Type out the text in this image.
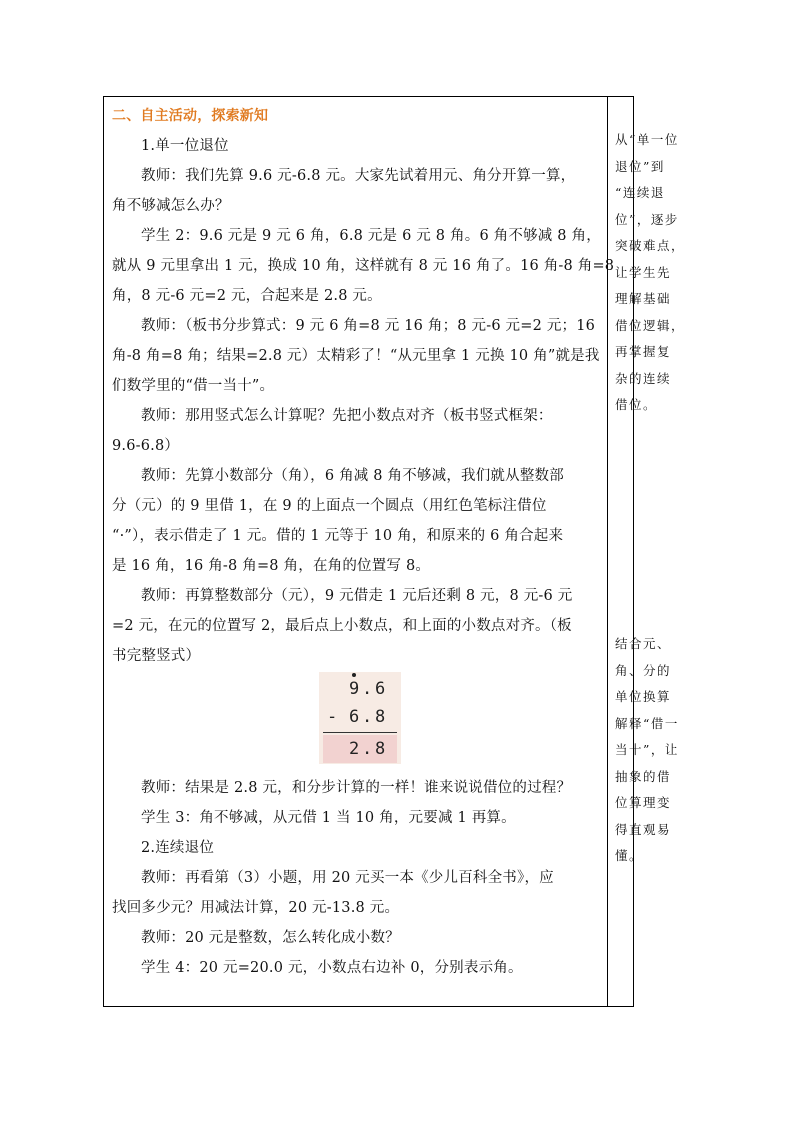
二、自主活动，探索新知
1.单一位退位
教师：我们先算 9.6 元-6.8 元。大家先试着用元、角分开算一算，
角不够减怎么办？
学生 2：9.6 元是 9 元 6 角，6.8 元是 6 元 8 角。6 角不够减 8 角，
就从 9 元里拿出 1 元，换成 10 角，这样就有 8 元 16 角了。16 角-8 角=8
角，8 元-6 元=2 元，合起来是 2.8 元。
教师：（板书分步算式：9 元 6 角=8 元 16 角；8 元-6 元=2 元；16
角-8 角=8 角；结果=2.8 元）太精彩了！“从元里拿 1 元换 10 角”就是我
们数学里的“借一当十”。
教师：那用竖式怎么计算呢？先把小数点对齐（板书竖式框架：
9.6-6.8）
教师：先算小数部分（角），6 角减 8 角不够减，我们就从整数部
分（元）的 9 里借 1，在 9 的上面点一个圆点（用红色笔标注借位
“·”），表示借走了 1 元。借的 1 元等于 10 角，和原来的 6 角合起来
是 16 角，16 角-8 角=8 角，在角的位置写 8。
教师：再算整数部分（元），9 元借走 1 元后还剩 8 元，8 元-6 元
=2 元，在元的位置写 2，最后点上小数点，和上面的小数点对齐。（板
书完整竖式）
9 . 6
- 6 . 8
2 . 8
教师：结果是 2.8 元，和分步计算的一样！谁来说说借位的过程？
学生 3：角不够减，从元借 1 当 10 角，元要减 1 再算。
2.连续退位
教师：再看第（3）小题，用 20 元买一本《少儿百科全书》，应
找回多少元？用减法计算，20 元-13.8 元。
教师：20 元是整数，怎么转化成小数？
学生 4：20 元=20.0 元，小数点右边补 0，分别表示角。
从“单一位
退位”到
“连续退
位”，逐步
突破难点，
让学生先
理解基础
借位逻辑，
再掌握复
杂的连续
借位。
结合元、
角、分的
单位换算
解释“借一
当十”，让
抽象的借
位算理变
得直观易
懂。
